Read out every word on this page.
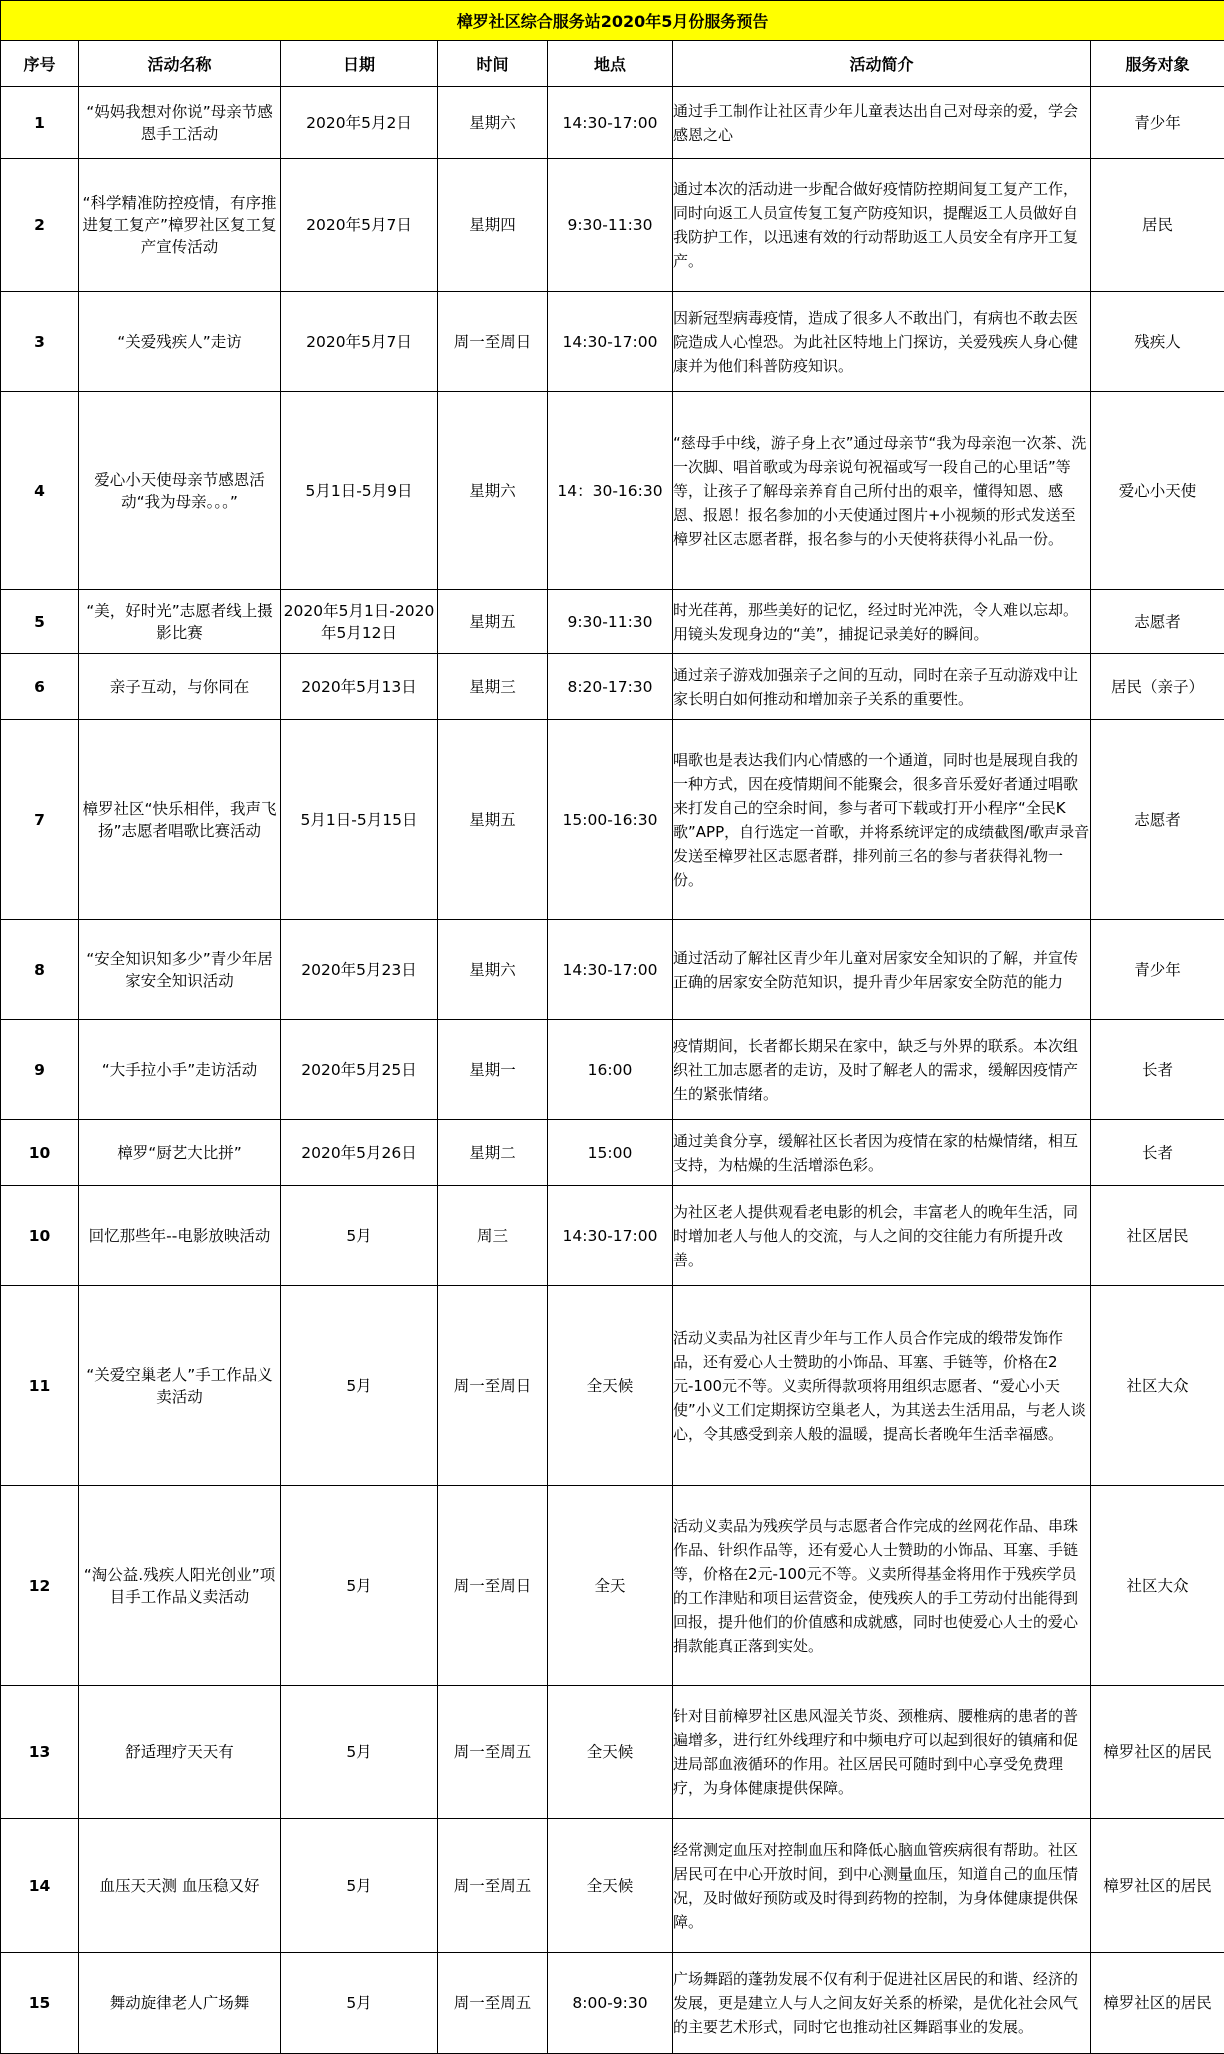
樟罗社区综合服务站2020年5月份服务预告						
序号	活动名称	日期	时间	地点	活动简介	服务对象
1	“妈妈我想对你说”母亲节感恩手工活动	2020年5月2日	星期六	14:30-17:00	通过手工制作让社区青少年儿童表达出自己对母亲的爱，学会感恩之心	青少年
2	“科学精准防控疫情，有序推进复工复产”樟罗社区复工复产宣传活动	2020年5月7日	星期四	9:30-11:30	通过本次的活动进一步配合做好疫情防控期间复工复产工作，同时向返工人员宣传复工复产防疫知识，提醒返工人员做好自我防护工作，以迅速有效的行动帮助返工人员安全有序开工复产。	居民
3	“关爱残疾人”走访	2020年5月7日	周一至周日	14:30-17:00	因新冠型病毒疫情，造成了很多人不敢出门，有病也不敢去医院造成人心惶恐。为此社区特地上门探访，关爱残疾人身心健康并为他们科普防疫知识。	残疾人
4	爱心小天使母亲节感恩活动“我为母亲。。。”	5月1日-5月9日	星期六	14：30-16:30	“慈母手中线，游子身上衣”通过母亲节“我为母亲泡一次茶、洗一次脚、唱首歌或为母亲说句祝福或写一段自己的心里话”等等，让孩子了解母亲养育自己所付出的艰辛，懂得知恩、感恩、报恩！报名参加的小天使通过图片+小视频的形式发送至樟罗社区志愿者群，报名参与的小天使将获得小礼品一份。	爱心小天使
5	“美，好时光”志愿者线上摄影比赛	2020年5月1日-2020年5月12日	星期五	9:30-11:30	时光荏苒，那些美好的记忆，经过时光冲洗，令人难以忘却。用镜头发现身边的“美”，捕捉记录美好的瞬间。	志愿者
6	亲子互动，与你同在	2020年5月13日	星期三	8:20-17:30	通过亲子游戏加强亲子之间的互动，同时在亲子互动游戏中让家长明白如何推动和增加亲子关系的重要性。	居民（亲子）
7	樟罗社区“快乐相伴，我声飞扬”志愿者唱歌比赛活动	5月1日-5月15日	星期五	15:00-16:30	唱歌也是表达我们内心情感的一个通道，同时也是展现自我的一种方式，因在疫情期间不能聚会，很多音乐爱好者通过唱歌来打发自己的空余时间，参与者可下载或打开小程序“全民K歌”APP，自行选定一首歌，并将系统评定的成绩截图/歌声录音发送至樟罗社区志愿者群，排列前三名的参与者获得礼物一份。	志愿者
8	“安全知识知多少”青少年居家安全知识活动	2020年5月23日	星期六	14:30-17:00	通过活动了解社区青少年儿童对居家安全知识的了解，并宣传正确的居家安全防范知识，提升青少年居家安全防范的能力	青少年
9	“大手拉小手”走访活动	2020年5月25日	星期一	16:00	疫情期间，长者都长期呆在家中，缺乏与外界的联系。本次组织社工加志愿者的走访，及时了解老人的需求，缓解因疫情产生的紧张情绪。	长者
10	樟罗“厨艺大比拼”	2020年5月26日	星期二	15:00	通过美食分享，缓解社区长者因为疫情在家的枯燥情绪，相互支持，为枯燥的生活增添色彩。	长者
10	回忆那些年--电影放映活动	5月	周三	14:30-17:00	为社区老人提供观看老电影的机会，丰富老人的晚年生活，同时增加老人与他人的交流，与人之间的交往能力有所提升改善。	社区居民
11	“关爱空巢老人”手工作品义卖活动	5月	周一至周日	全天候	活动义卖品为社区青少年与工作人员合作完成的缎带发饰作品，还有爱心人士赞助的小饰品、耳塞、手链等，价格在2元-100元不等。义卖所得款项将用组织志愿者、“爱心小天使”小义工们定期探访空巢老人，为其送去生活用品，与老人谈心，令其感受到亲人般的温暖，提高长者晚年生活幸福感。	社区大众
12	“淘公益.残疾人阳光创业”项目手工作品义卖活动	5月	周一至周日	全天	活动义卖品为残疾学员与志愿者合作完成的丝网花作品、串珠作品、针织作品等，还有爱心人士赞助的小饰品、耳塞、手链等，价格在2元-100元不等。义卖所得基金将用作于残疾学员的工作津贴和项目运营资金，使残疾人的手工劳动付出能得到回报，提升他们的价值感和成就感，同时也使爱心人士的爱心捐款能真正落到实处。	社区大众
13	舒适理疗天天有	5月	周一至周五	全天候	针对目前樟罗社区患风湿关节炎、颈椎病、腰椎病的患者的普遍增多，进行红外线理疗和中频电疗可以起到很好的镇痛和促进局部血液循环的作用。社区居民可随时到中心享受免费理疗，为身体健康提供保障。	樟罗社区的居民
14	血压天天测 血压稳又好	5月	周一至周五	全天候	经常测定血压对控制血压和降低心脑血管疾病很有帮助。社区居民可在中心开放时间，到中心测量血压，知道自己的血压情况，及时做好预防或及时得到药物的控制，为身体健康提供保障。	樟罗社区的居民
15	舞动旋律老人广场舞	5月	周一至周五	8:00-9:30	广场舞蹈的蓬勃发展不仅有利于促进社区居民的和谐、经济的发展，更是建立人与人之间友好关系的桥梁，是优化社会风气的主要艺术形式，同时它也推动社区舞蹈事业的发展。	樟罗社区的居民
